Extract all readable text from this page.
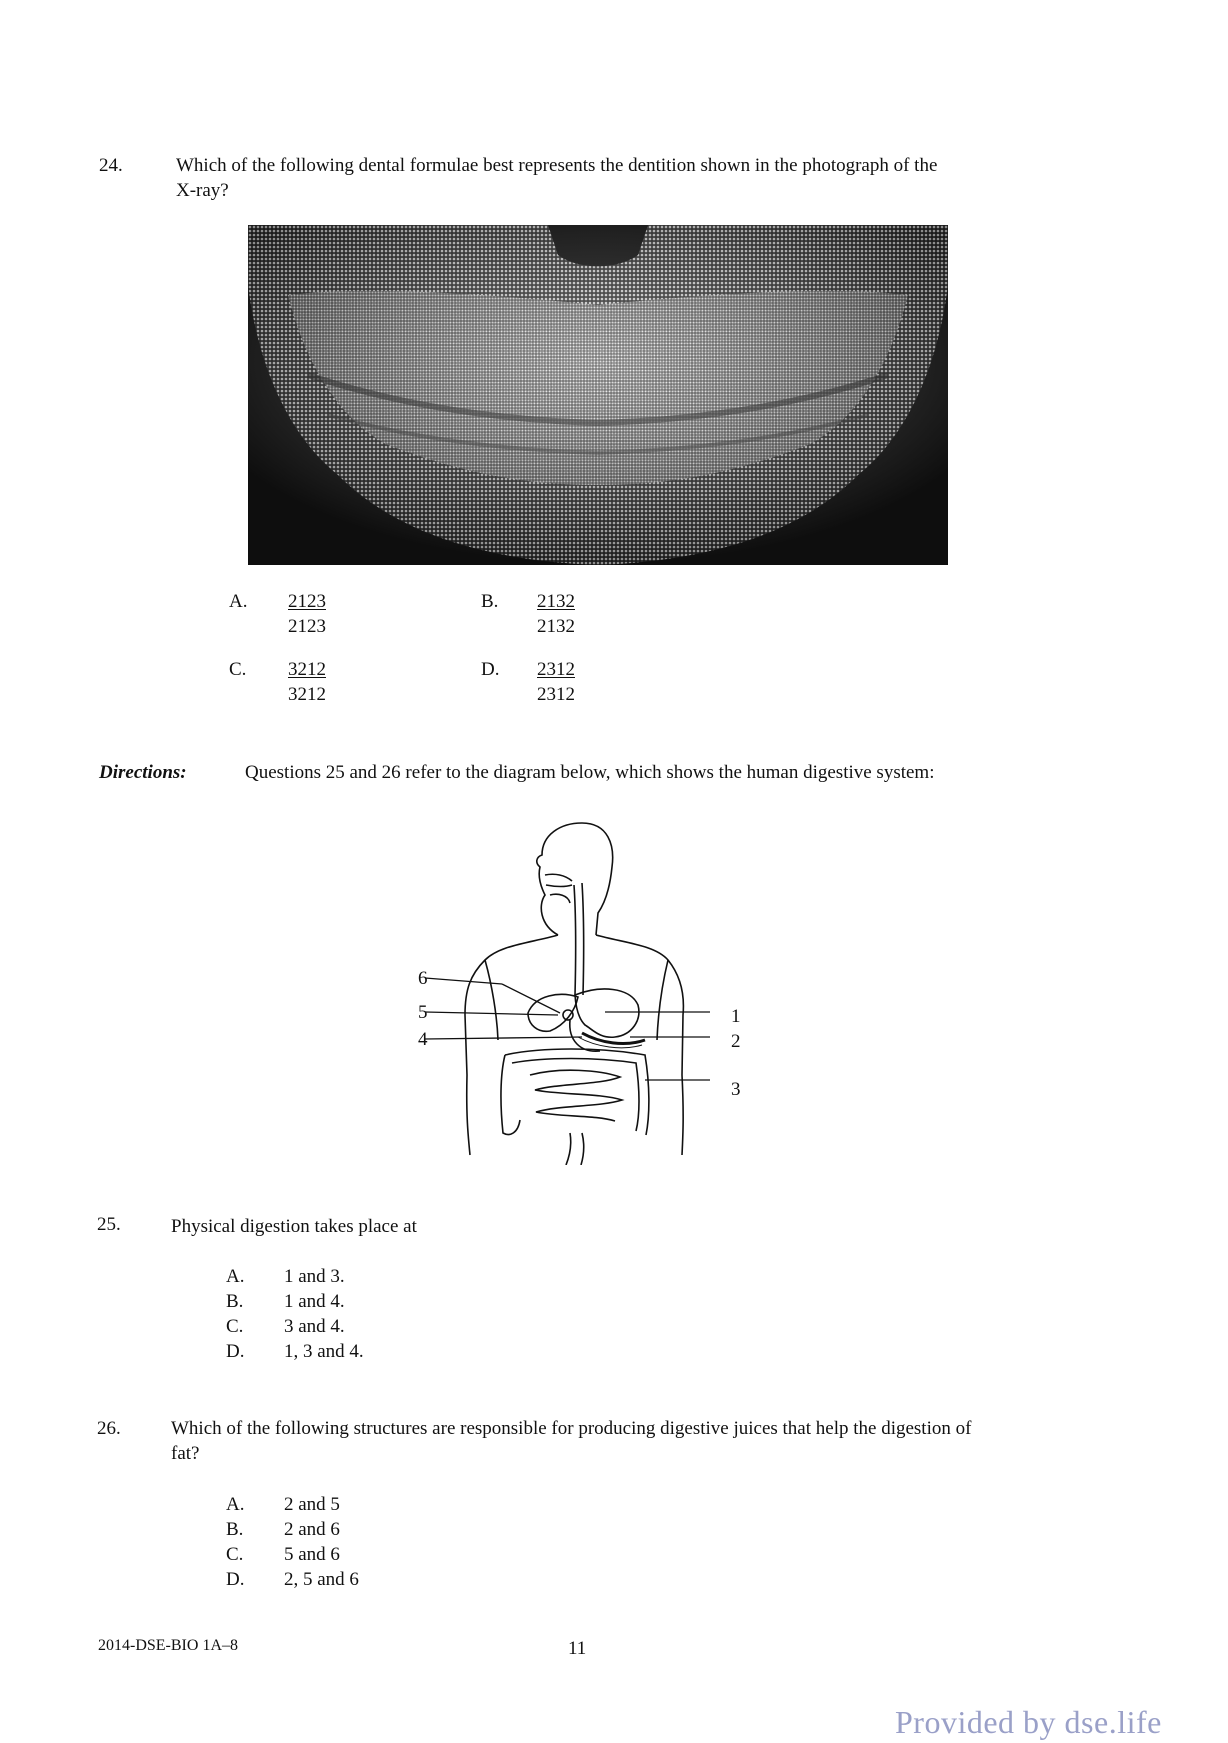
24.	Which of the following dental formulae best represents the dentition shown in the photograph of the
X-ray?
A. $\frac{2123}{2123}$	B. $\frac{2132}{2132}$
C. $\frac{3212}{3212}$	D. $\frac{2312}{2312}$
Directions:	Questions 25 and 26 refer to the diagram below, which shows the human digestive system:
6
5
4
1
2
3
25.	Physical digestion takes place at
A. 1 and 3.
B. 1 and 4.
C. 3 and 4.
D. 1, 3 and 4.
26.	Which of the following structures are responsible for producing digestive juices that help the digestion of
fat?
A. 2 and 5
B. 2 and 6
C. 5 and 6
D. 2, 5 and 6
2014-DSE-BIO 1A–8	11
Provided by dse.life
